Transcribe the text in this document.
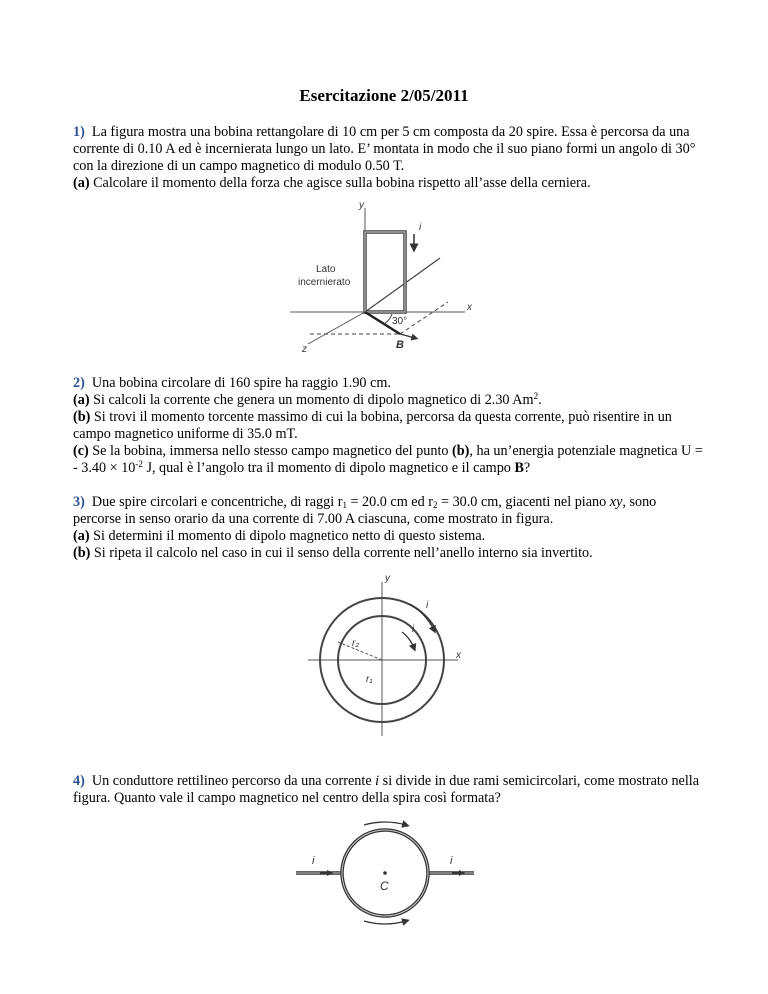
Esercitazione 2/05/2011
1) La figura mostra una bobina rettangolare di 10 cm per 5 cm composta da 20 spire. Essa è percorsa da una corrente di 0.10 A ed è incernierata lungo un lato. E’ montata in modo che il suo piano formi un angolo di 30° con la direzione di un campo magnetico di modulo 0.50 T.
(a) Calcolare il momento della forza che agisce sulla bobina rispetto all’asse della cerniera.
y
x
z
i
Lato
incernierato
30°
B
2) Una bobina circolare di 160 spire ha raggio 1.90 cm.
(a) Si calcoli la corrente che genera un momento di dipolo magnetico di 2.30 Am$^2$.
(b) Si trovi il momento torcente massimo di cui la bobina, percorsa da questa corrente, può risentire in un campo magnetico uniforme di 35.0 mT.
(c) Se la bobina, immersa nello stesso campo magnetico del punto (b), ha un’energia potenziale magnetica U = - $3.40 \times 10^{-2}$ J, qual è l’angolo tra il momento di dipolo magnetico e il campo B?
3) Due spire circolari e concentriche, di raggi $r_1 = 20.0$ cm ed $r_2 = 30.0$ cm, giacenti nel piano xy, sono percorse in senso orario da una corrente di 7.00 A ciascuna, come mostrato in figura.
(a) Si determini il momento di dipolo magnetico netto di questo sistema.
(b) Si ripeta il calcolo nel caso in cui il senso della corrente nell’anello interno sia invertito.
y
x
i
i
r₂
r₁
4) Un conduttore rettilineo percorso da una corrente i si divide in due rami semicircolari, come mostrato nella figura. Quanto vale il campo magnetico nel centro della spira così formata?
i	i
C
